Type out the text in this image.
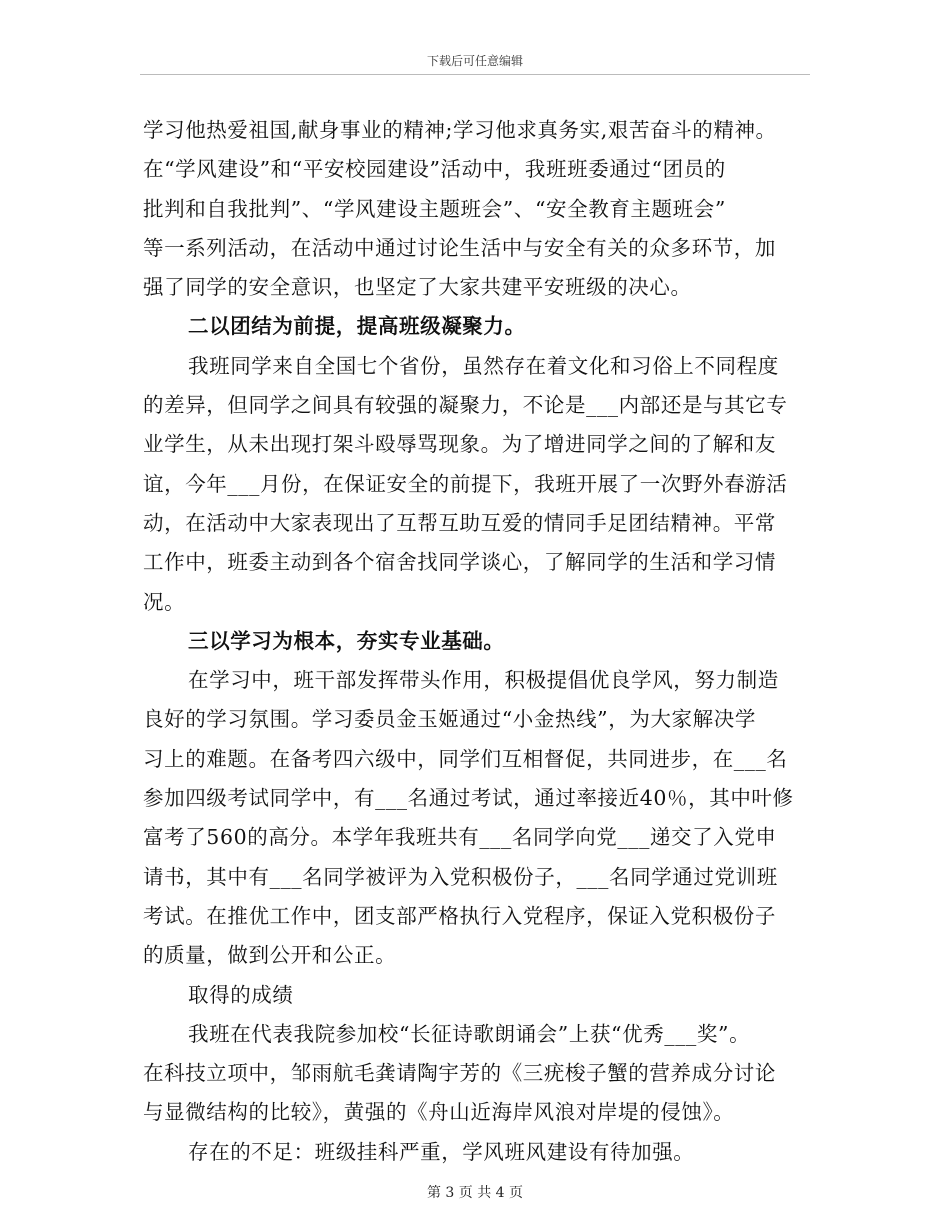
下载后可任意编辑
学习他热爱祖国,献身事业的精神;学习他求真务实,艰苦奋斗的精神。
在“学风建设”和“平安校园建设”活动中，我班班委通过“团员的
批判和自我批判”、“学风建设主题班会”、“安全教育主题班会”
等一系列活动，在活动中通过讨论生活中与安全有关的众多环节，加
强了同学的安全意识，也坚定了大家共建平安班级的决心。
二以团结为前提，提高班级凝聚力。
我班同学来自全国七个省份，虽然存在着文化和习俗上不同程度
的差异，但同学之间具有较强的凝聚力，不论是___内部还是与其它专
业学生，从未出现打架斗殴辱骂现象。为了增进同学之间的了解和友
谊，今年___月份，在保证安全的前提下，我班开展了一次野外春游活
动，在活动中大家表现出了互帮互助互爱的情同手足团结精神。平常
工作中，班委主动到各个宿舍找同学谈心，了解同学的生活和学习情
况。
三以学习为根本，夯实专业基础。
在学习中，班干部发挥带头作用，积极提倡优良学风，努力制造
良好的学习氛围。学习委员金玉姬通过“小金热线”，为大家解决学
习上的难题。在备考四六级中，同学们互相督促，共同进步，在___名
参加四级考试同学中，有___名通过考试，通过率接近40％，其中叶修
富考了560的高分。本学年我班共有___名同学向党___递交了入党申
请书，其中有___名同学被评为入党积极份子，___名同学通过党训班
考试。在推优工作中，团支部严格执行入党程序，保证入党积极份子
的质量，做到公开和公正。
取得的成绩
我班在代表我院参加校“长征诗歌朗诵会”上获“优秀___奖”。
在科技立项中，邹雨航毛龚请陶宇芳的《三疣梭子蟹的营养成分讨论
与显微结构的比较》，黄强的《舟山近海岸风浪对岸堤的侵蚀》。
存在的不足：班级挂科严重，学风班风建设有待加强。
第 3 页 共 4 页
